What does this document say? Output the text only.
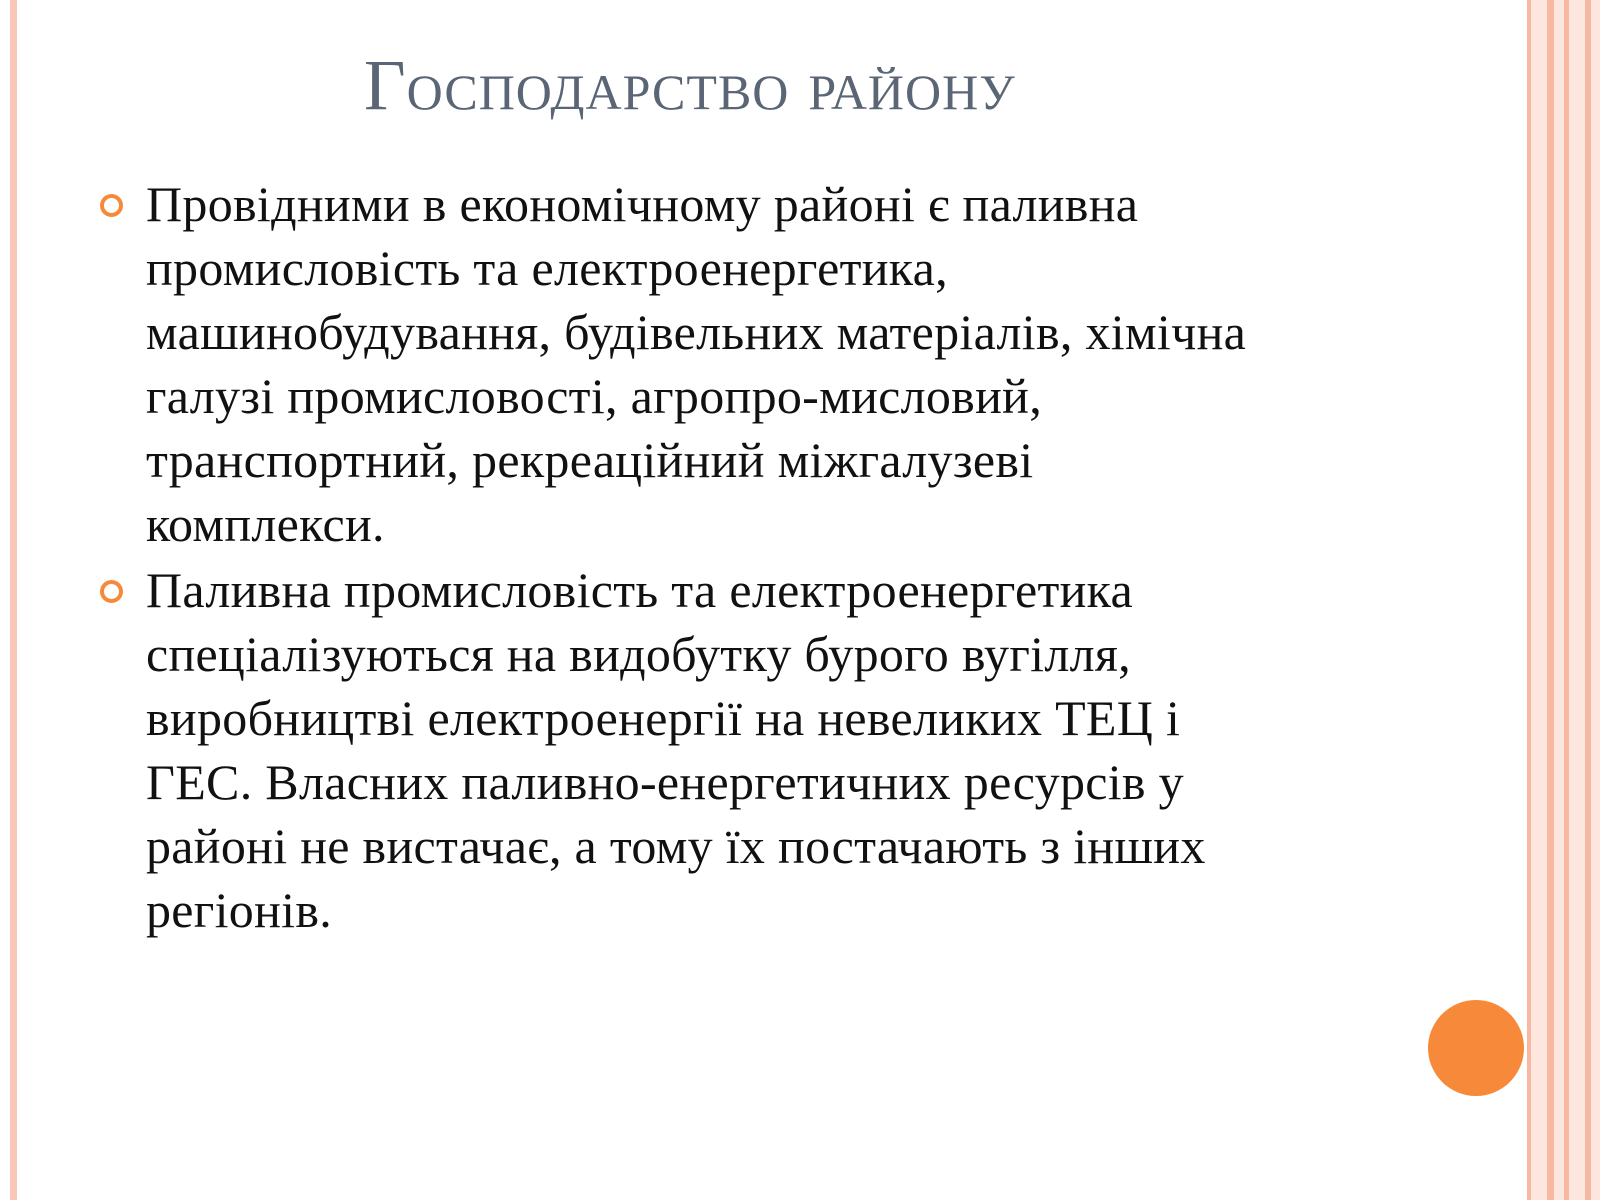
Господарство району
Провідними в економічному районі є паливна
промисловість та електроенергетика,
машинобудування, будівельних матеріалів, хімічна
галузі промисловості, агропро-мисловий,
транспортний, рекреаційний міжгалузеві
комплекси.
Паливна промисловість та електроенергетика
спеціалізуються на видобутку бурого вугілля,
виробництві електроенергії на невеликих ТЕЦ і
ГЕС. Власних паливно-енергетичних ресурсів у
районі не вистачає, а тому їх постачають з інших
регіонів.
